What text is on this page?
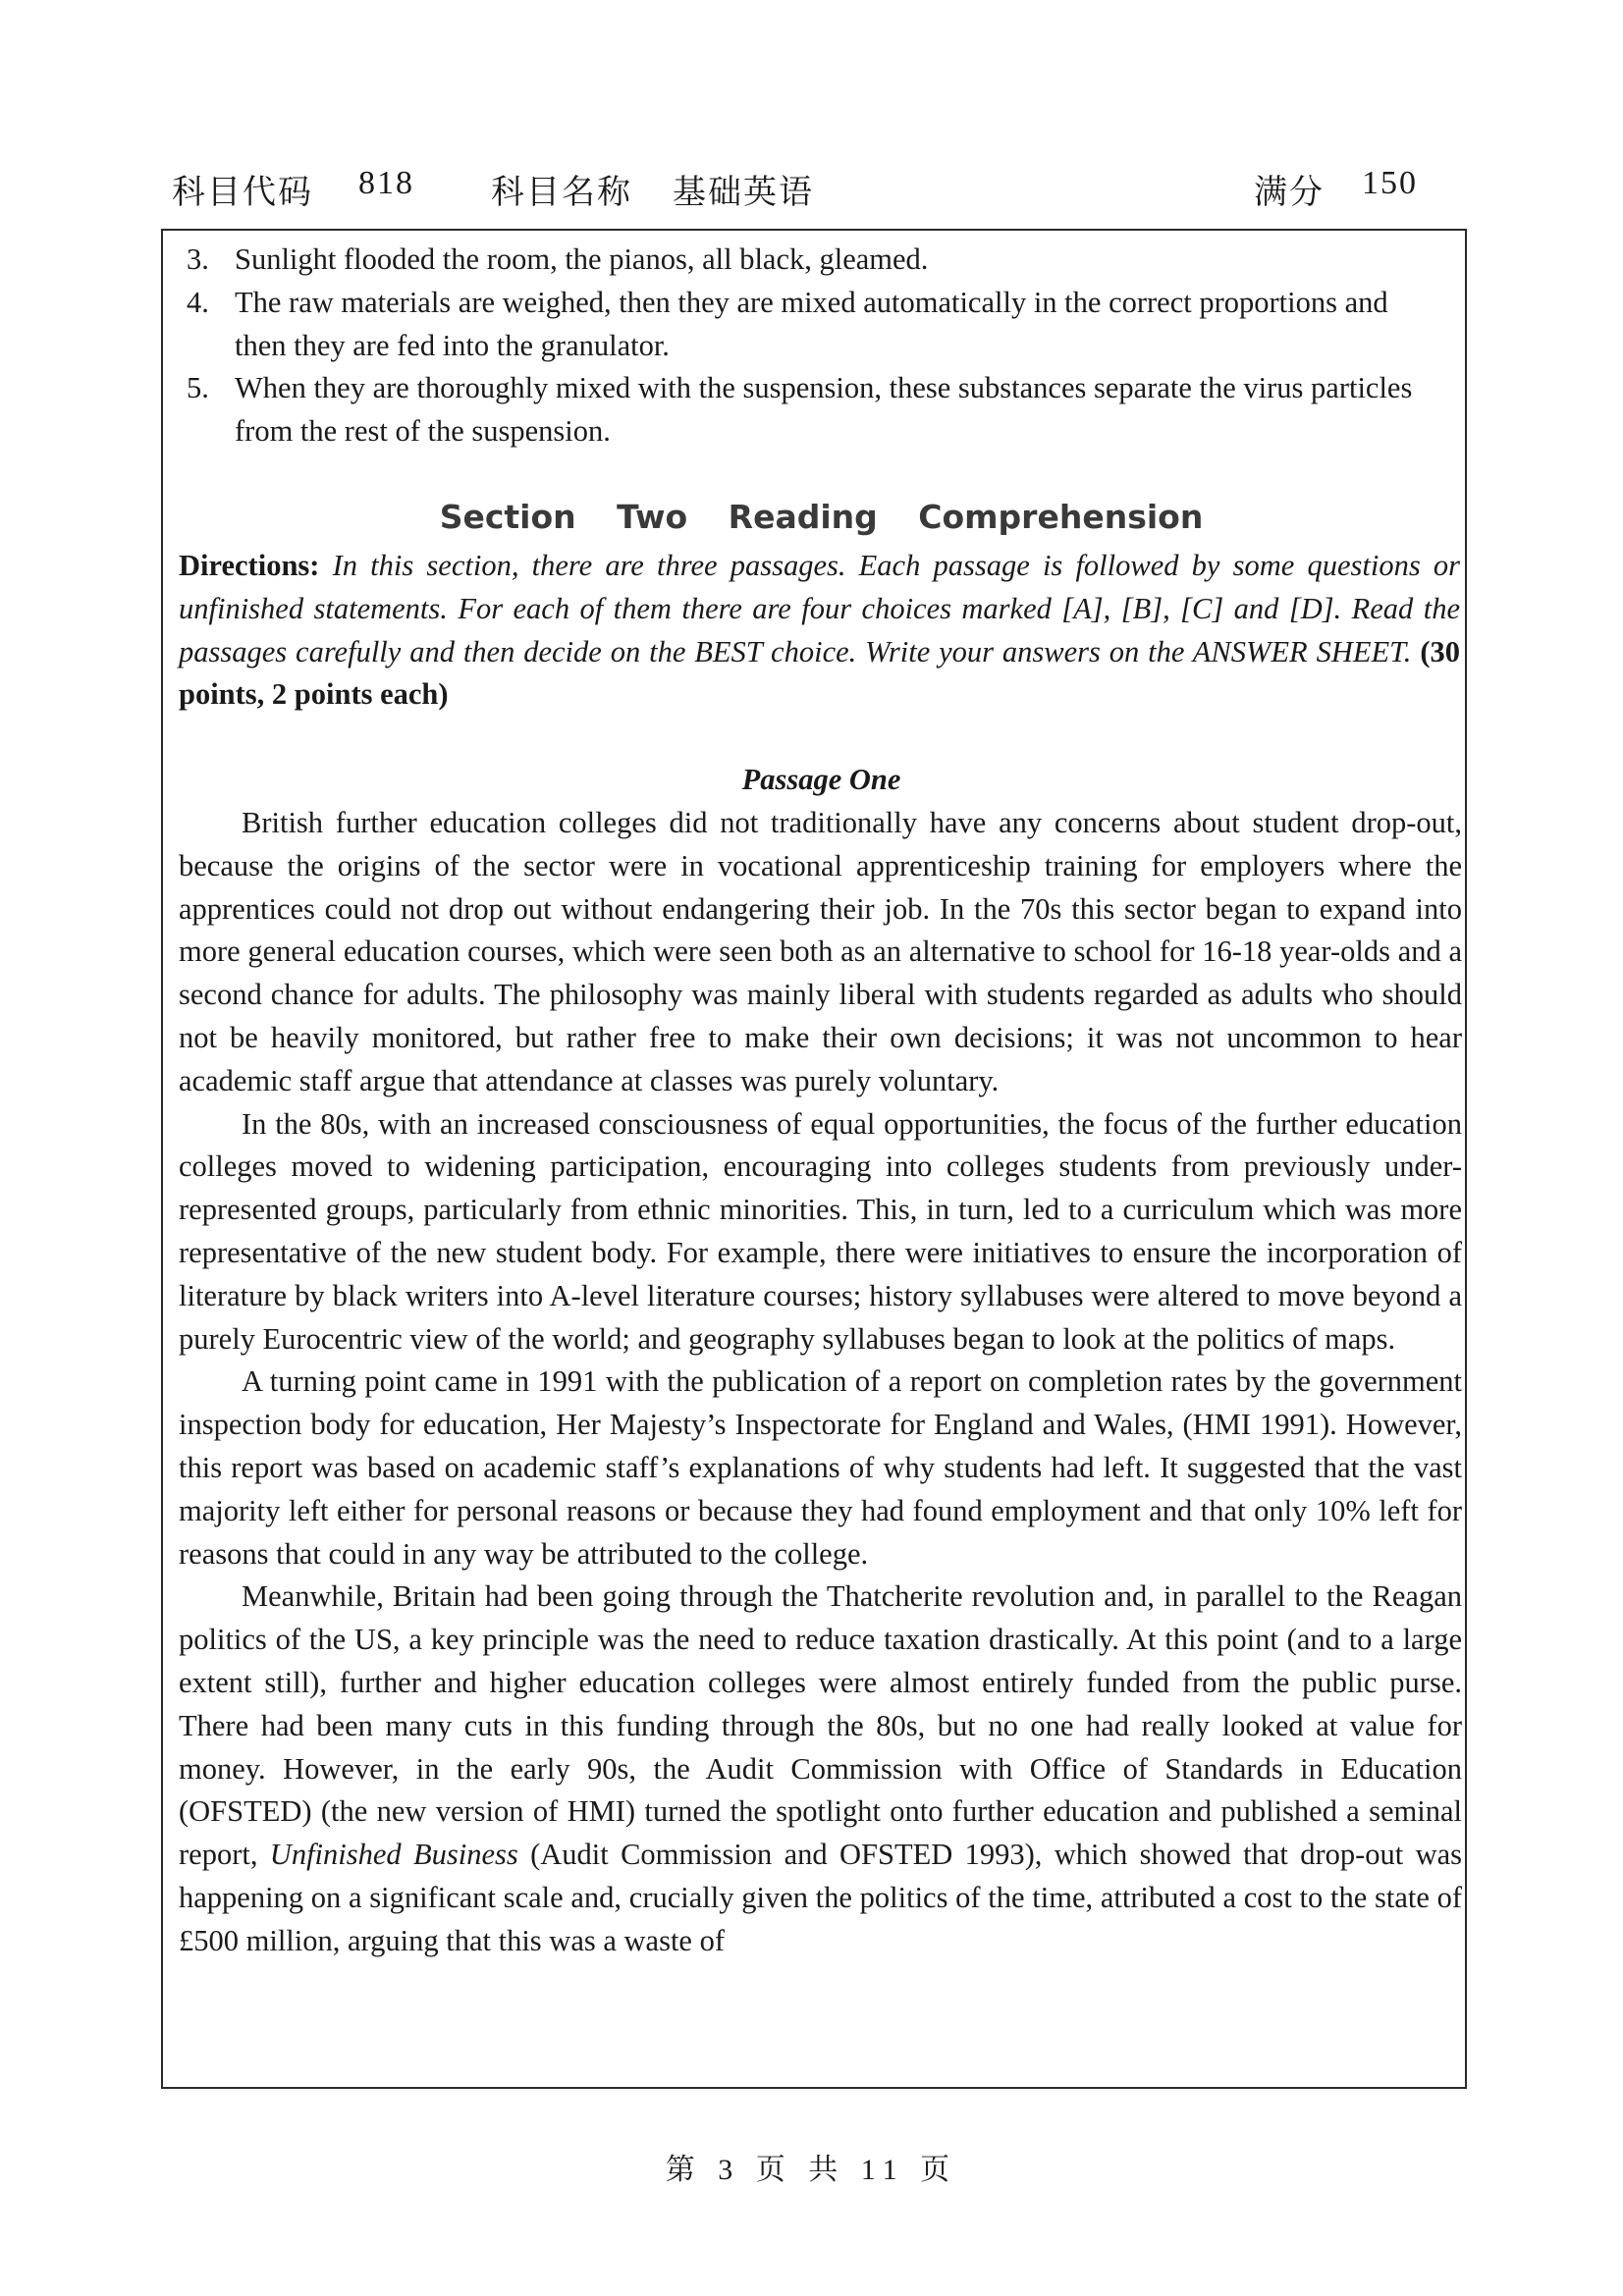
科目代码 818 科目名称 基础英语	满分 150
3. Sunlight flooded the room, the pianos, all black, gleamed.
4. The raw materials are weighed, then they are mixed automatically in the correct proportions and then they are fed into the granulator.
5. When they are thoroughly mixed with the suspension, these substances separate the virus particles from the rest of the suspension.
Section Two Reading Comprehension

Directions: In this section, there are three passages. Each passage is followed by some questions or unfinished statements. For each of them there are four choices marked [A], [B], [C] and [D]. Read the passages carefully and then decide on the BEST choice. Write your answers on the ANSWER SHEET. (30 points, 2 points each)

Passage One

British further education colleges did not traditionally have any concerns about student drop-out, because the origins of the sector were in vocational apprenticeship training for employers where the apprentices could not drop out without endangering their job. In the 70s this sector began to expand into more general education courses, which were seen both as an alternative to school for 16-18 year-olds and a second chance for adults. The philosophy was mainly liberal with students regarded as adults who should not be heavily monitored, but rather free to make their own decisions; it was not uncommon to hear academic staff argue that attendance at classes was purely voluntary.

In the 80s, with an increased consciousness of equal opportunities, the focus of the further education colleges moved to widening participation, encouraging into colleges students from previously under-represented groups, particularly from ethnic minorities. This, in turn, led to a curriculum which was more representative of the new student body. For example, there were initiatives to ensure the incorporation of literature by black writers into A-level literature courses; history syllabuses were altered to move beyond a purely Eurocentric view of the world; and geography syllabuses began to look at the politics of maps.

A turning point came in 1991 with the publication of a report on completion rates by the government inspection body for education, Her Majesty’s Inspectorate for England and Wales, (HMI 1991). However, this report was based on academic staff’s explanations of why students had left. It suggested that the vast majority left either for personal reasons or because they had found employment and that only 10% left for reasons that could in any way be attributed to the college.

Meanwhile, Britain had been going through the Thatcherite revolution and, in parallel to the Reagan politics of the US, a key principle was the need to reduce taxation drastically. At this point (and to a large extent still), further and higher education colleges were almost entirely funded from the public purse. There had been many cuts in this funding through the 80s, but no one had really looked at value for money. However, in the early 90s, the Audit Commission with Office of Standards in Education (OFSTED) (the new version of HMI) turned the spotlight onto further education and published a seminal report, Unfinished Business (Audit Commission and OFSTED 1993), which showed that drop-out was happening on a significant scale and, crucially given the politics of the time, attributed a cost to the state of £500 million, arguing that this was a waste of

第 3 页 共 11 页
